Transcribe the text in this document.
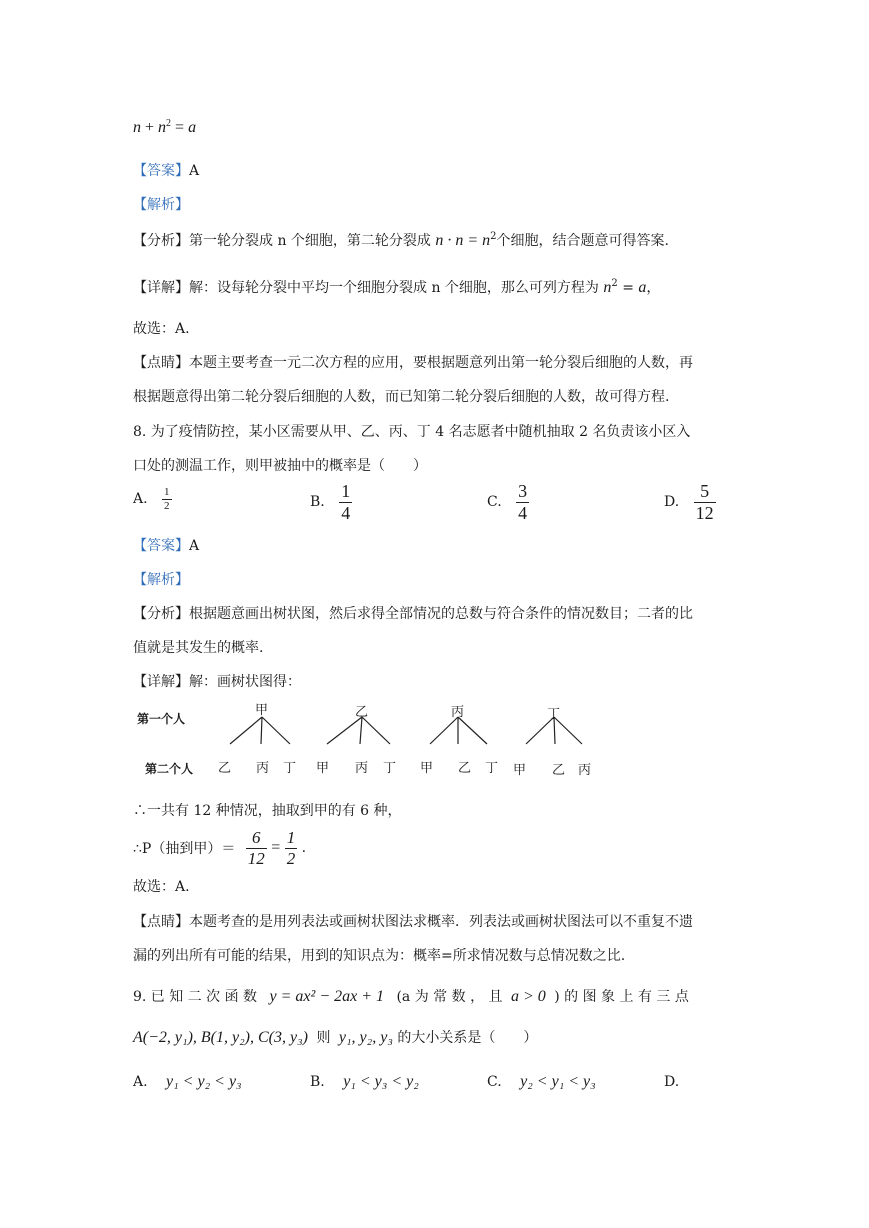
$n + n^2 = a$
【答案】A
【解析】
【分析】第一轮分裂成 n 个细胞，第二轮分裂成 $n \cdot n = n^2$个细胞，结合题意可得答案.
【详解】解：设每轮分裂中平均一个细胞分裂成 n 个细胞，那么可列方程为 $n^2 = a$，
故选：A.
【点睛】本题主要考查一元二次方程的应用，要根据题意列出第一轮分裂后细胞的人数，再
根据题意得出第二轮分裂后细胞的人数，而已知第二轮分裂后细胞的人数，故可得方程.
8. 为了疫情防控，某小区需要从甲、乙、丙、丁 4 名志愿者中随机抽取 2 名负责该小区入
口处的测温工作，则甲被抽中的概率是（　　）
A. $\frac{1}{2}$	B. $\frac{1}{4}$	C. $\frac{3}{4}$	D. $\frac{5}{12}$
【答案】A
【解析】
【分析】根据题意画出树状图，然后求得全部情况的总数与符合条件的情况数目；二者的比
值就是其发生的概率.
【详解】解：画树状图得：
第一个人
第二个人
甲	乙	丙	丁
乙 丙 丁 甲 丙 丁 甲 乙 丁 甲 乙 丙
∴一共有 12 种情况，抽取到甲的有 6 种，
∴P（抽到甲）＝ $\frac{6}{12} = \frac{1}{2}$ .
故选：A.
【点睛】本题考查的是用列表法或画树状图法求概率．列表法或画树状图法可以不重复不遗
漏的列出所有可能的结果，用到的知识点为：概率=所求情况数与总情况数之比.
9. 已 知 二 次 函 数 y = ax² − 2ax + 1 (a 为 常 数 ， 且 a > 0 ) 的 图 象 上 有 三 点
A(−2, y₁), B(1, y₂), C(3, y₃) 则 y₁, y₂, y₃ 的大小关系是（　　）
A. y₁ < y₂ < y₃	B. y₁ < y₃ < y₂	C. y₂ < y₁ < y₃	D.
